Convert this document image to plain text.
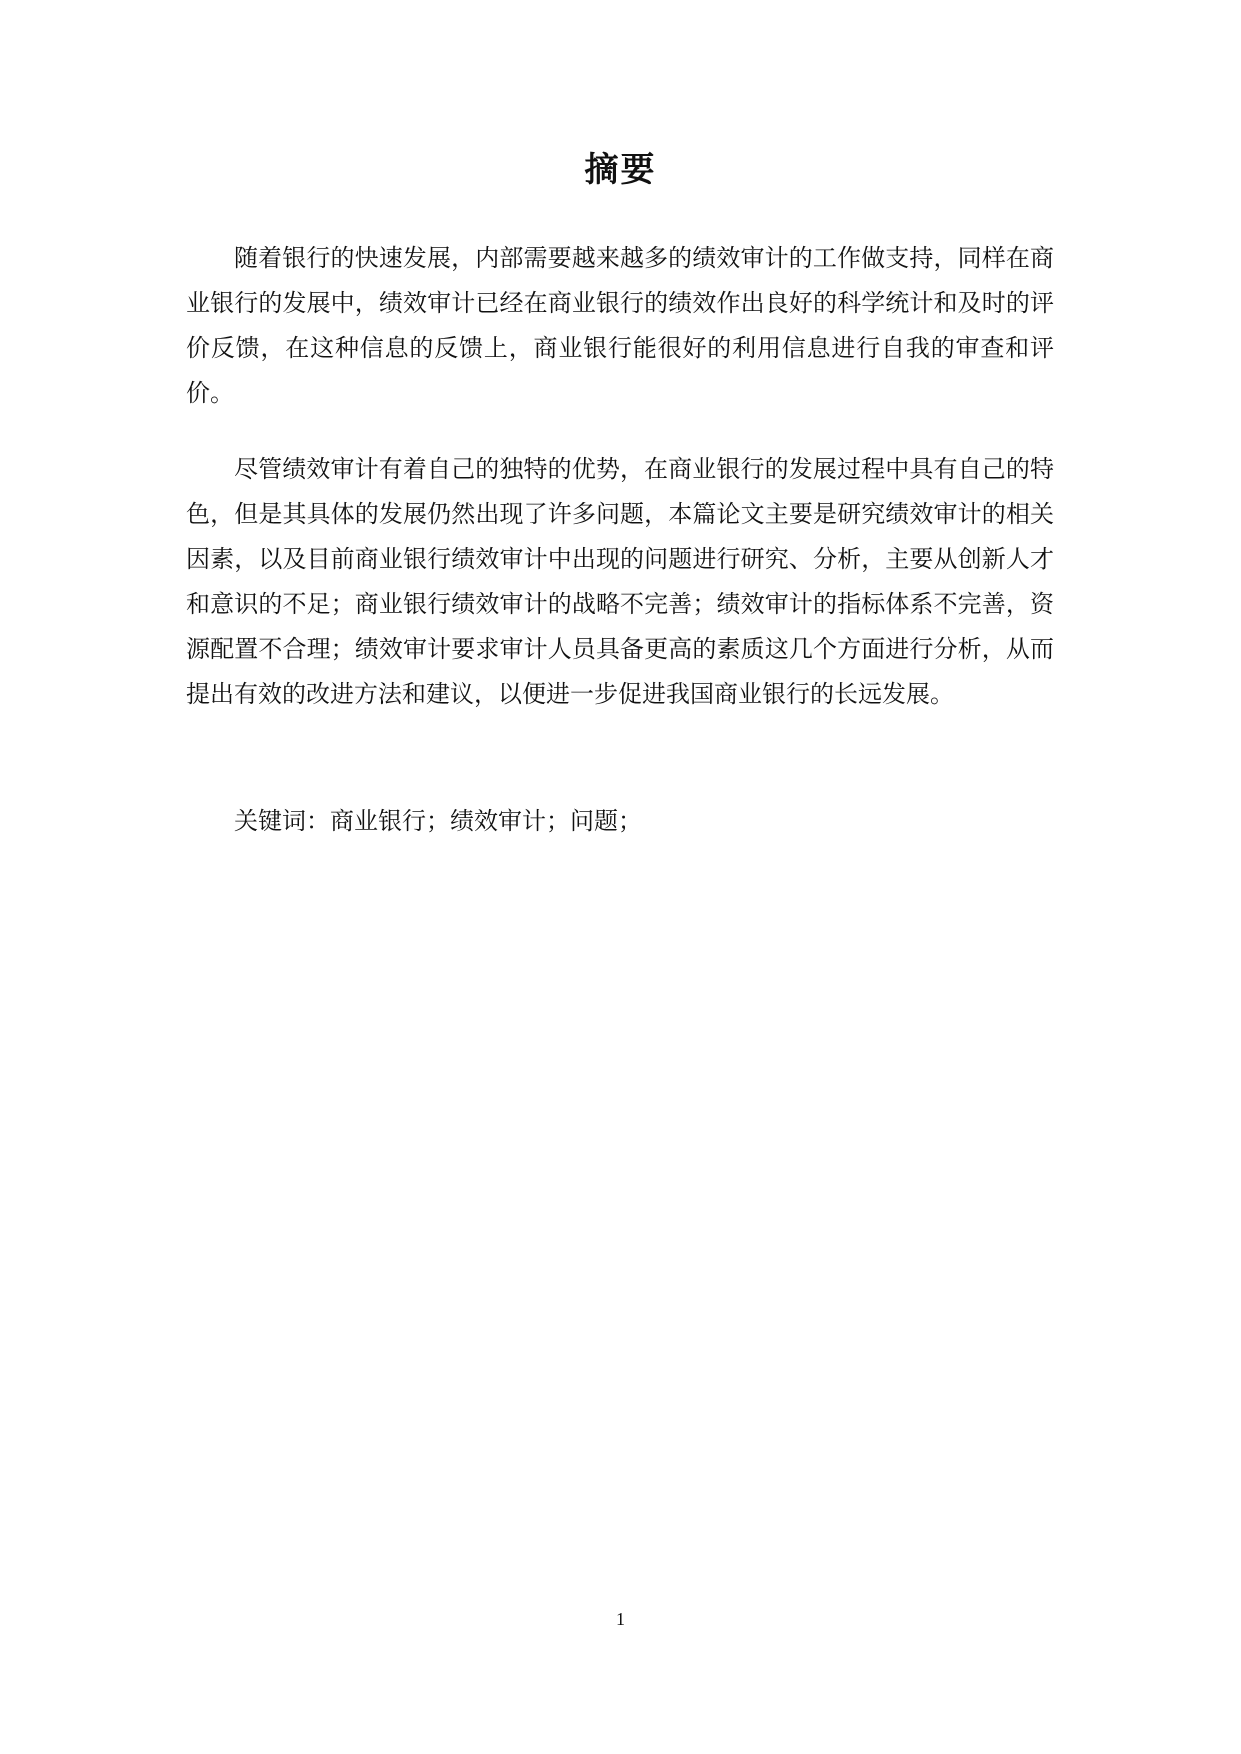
摘要

随着银行的快速发展，内部需要越来越多的绩效审计的工作做支持，同样在商业银行的发展中，绩效审计已经在商业银行的绩效作出良好的科学统计和及时的评价反馈，在这种信息的反馈上，商业银行能很好的利用信息进行自我的审查和评价。

尽管绩效审计有着自己的独特的优势，在商业银行的发展过程中具有自己的特色，但是其具体的发展仍然出现了许多问题，本篇论文主要是研究绩效审计的相关因素，以及目前商业银行绩效审计中出现的问题进行研究、分析，主要从创新人才和意识的不足；商业银行绩效审计的战略不完善；绩效审计的指标体系不完善，资源配置不合理；绩效审计要求审计人员具备更高的素质这几个方面进行分析，从而提出有效的改进方法和建议，以便进一步促进我国商业银行的长远发展。

关键词：商业银行；绩效审计；问题；

1
